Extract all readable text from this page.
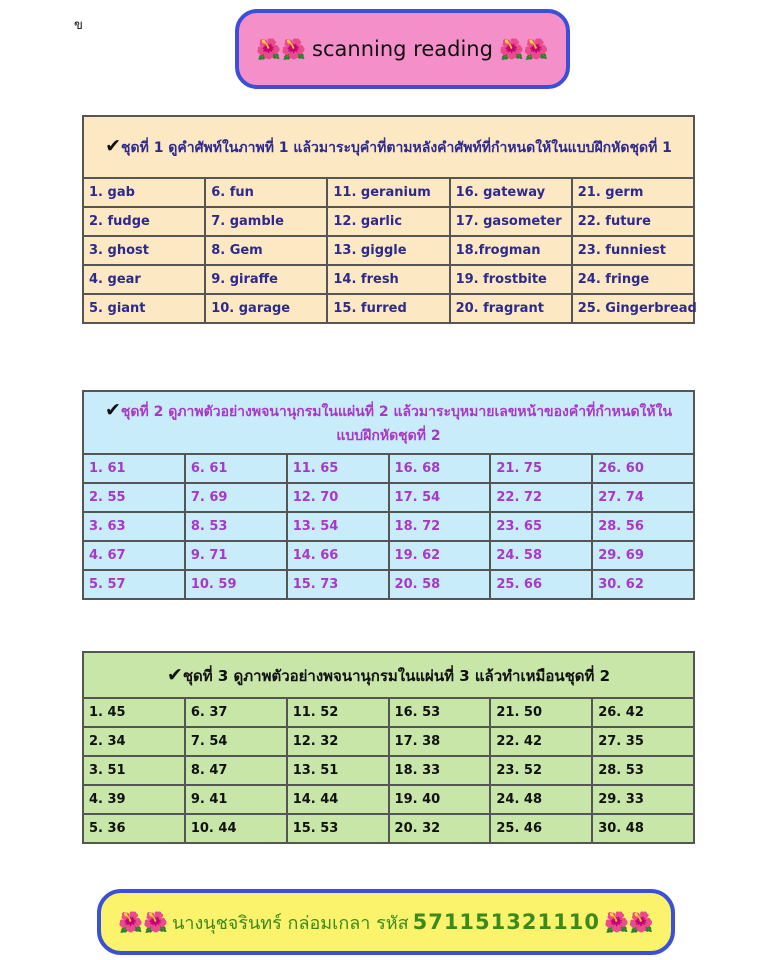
ข
🌺🌺 scanning reading 🌺🌺
✔ชุดที่ 1 ดูคำศัพท์ในภาพที่ 1 แล้วมาระบุคำที่ตามหลังคำศัพท์ที่กำหนดให้ในแบบฝึกหัดชุดที่ 1				
1. gab	6. fun	11. geranium	16. gateway	21. germ
2. fudge	7. gamble	12. garlic	17. gasometer	22. future
3. ghost	8. Gem	13. giggle	18.frogman	23. funniest
4. gear	9. giraffe	14. fresh	19. frostbite	24. fringe
5. giant	10. garage	15. furred	20. fragrant	25. Gingerbread
✔ชุดที่ 2 ดูภาพตัวอย่างพจนานุกรมในแผ่นที่ 2 แล้วมาระบุหมายเลขหน้าของคำที่กำหนดให้ในแบบฝึกหัดชุดที่ 2					
1. 61	6. 61	11. 65	16. 68	21. 75	26. 60
2. 55	7. 69	12. 70	17. 54	22. 72	27. 74
3. 63	8. 53	13. 54	18. 72	23. 65	28. 56
4. 67	9. 71	14. 66	19. 62	24. 58	29. 69
5. 57	10. 59	15. 73	20. 58	25. 66	30. 62
✔ชุดที่ 3 ดูภาพตัวอย่างพจนานุกรมในแผ่นที่ 3 แล้วทำเหมือนชุดที่ 2					
1. 45	6. 37	11. 52	16. 53	21. 50	26. 42
2. 34	7. 54	12. 32	17. 38	22. 42	27. 35
3. 51	8. 47	13. 51	18. 33	23. 52	28. 53
4. 39	9. 41	14. 44	19. 40	24. 48	29. 33
5. 36	10. 44	15. 53	20. 32	25. 46	30. 48
🌺🌺 นางนุชจรินทร์ กล่อมเกลา รหัส 571151321110 🌺🌺
